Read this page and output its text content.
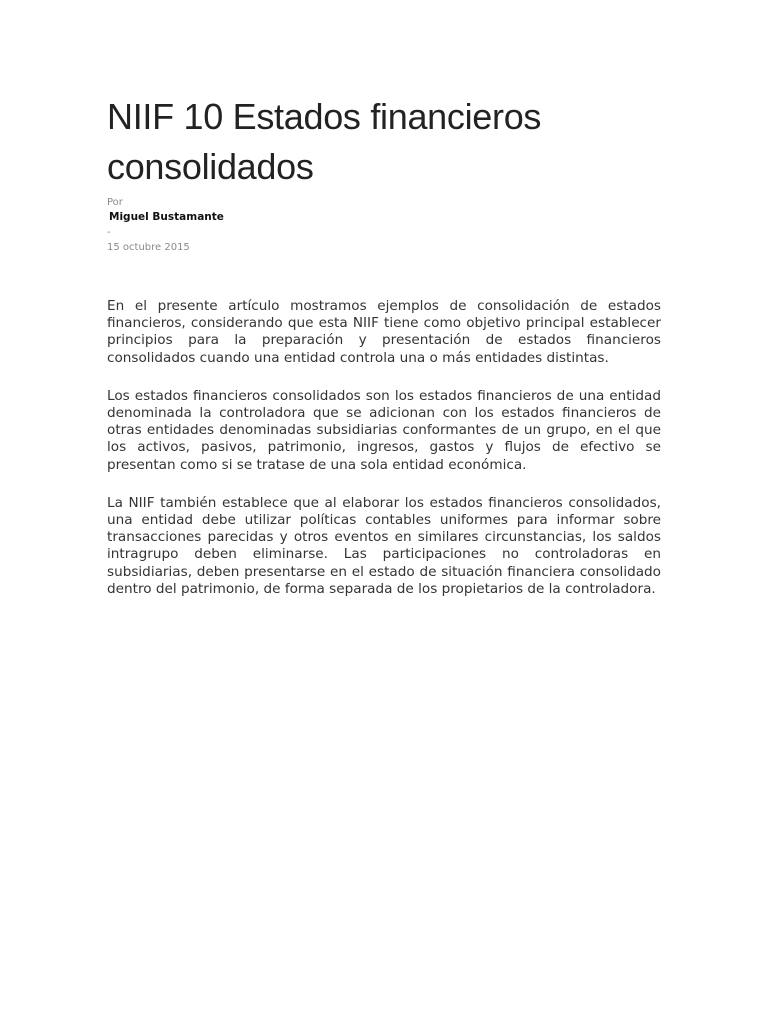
NIIF 10 Estados financieros consolidados
Por
Miguel Bustamante
-
15 octubre 2015

En el presente artículo mostramos ejemplos de consolidación de estados financieros, considerando que esta NIIF tiene como objetivo principal establecer principios para la preparación y presentación de estados financieros consolidados cuando una entidad controla una o más entidades distintas.

Los estados financieros consolidados son los estados financieros de una entidad denominada la controladora que se adicionan con los estados financieros de otras entidades denominadas subsidiarias conformantes de un grupo, en el que los activos, pasivos, patrimonio, ingresos, gastos y flujos de efectivo se presentan como si se tratase de una sola entidad económica.

La NIIF también establece que al elaborar los estados financieros consolidados, una entidad debe utilizar políticas contables uniformes para informar sobre transacciones parecidas y otros eventos en similares circunstancias, los saldos intragrupo deben eliminarse. Las participaciones no controladoras en subsidiarias, deben presentarse en el estado de situación financiera consolidado dentro del patrimonio, de forma separada de los propietarios de la controladora.
